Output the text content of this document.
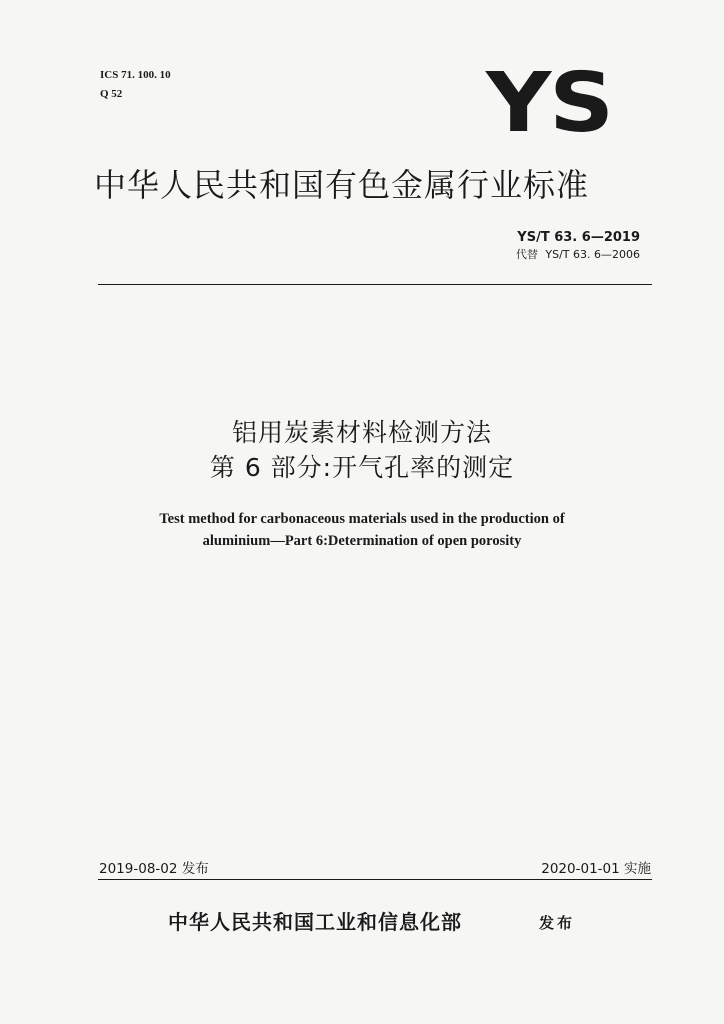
ICS 71. 100. 10
Q 52	YS
中华人民共和国有色金属行业标准
YS/T 63. 6—2019
代替 YS/T 63. 6—2006
铝用炭素材料检测方法
第 6 部分:开气孔率的测定
Test method for carbonaceous materials used in the production of
aluminium—Part 6:Determination of open porosity
2019-08-02 发布	2020-01-01 实施
中华人民共和国工业和信息化部	发布
